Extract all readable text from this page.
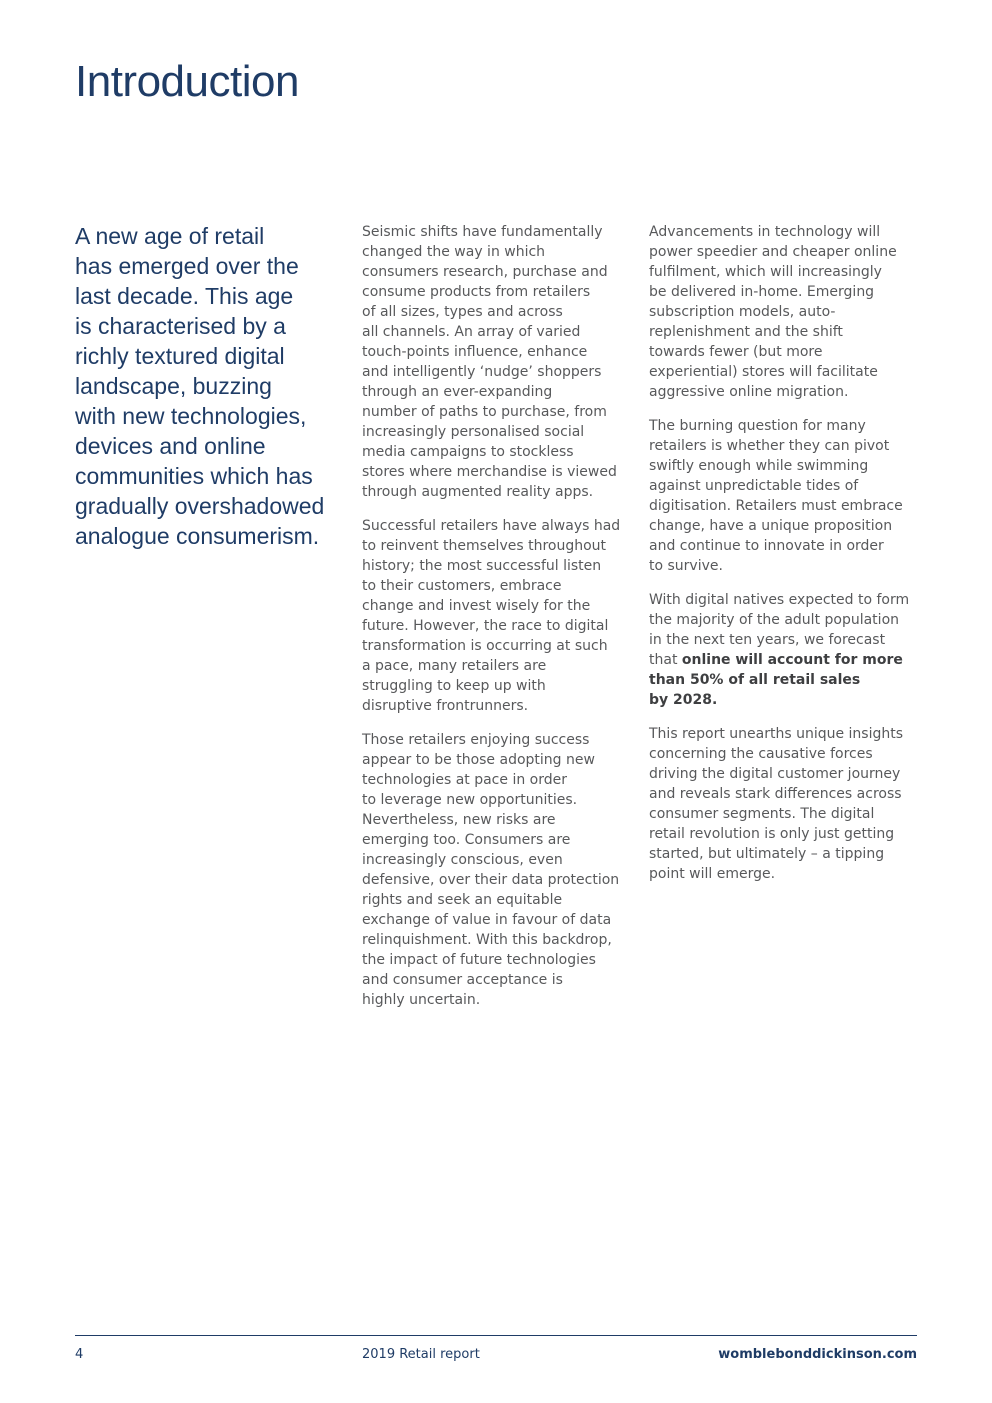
Introduction
A new age of retail
has emerged over the
last decade. This age
is characterised by a
richly textured digital
landscape, buzzing
with new technologies,
devices and online
communities which has
gradually overshadowed
analogue consumerism.

Seismic shifts have fundamentally
changed the way in which
consumers research, purchase and
consume products from retailers
of all sizes, types and across
all channels. An array of varied
touch-points influence, enhance
and intelligently ‘nudge’ shoppers
through an ever-expanding
number of paths to purchase, from
increasingly personalised social
media campaigns to stockless
stores where merchandise is viewed
through augmented reality apps.

Successful retailers have always had
to reinvent themselves throughout
history; the most successful listen
to their customers, embrace
change and invest wisely for the
future. However, the race to digital
transformation is occurring at such
a pace, many retailers are
struggling to keep up with
disruptive frontrunners.

Those retailers enjoying success
appear to be those adopting new
technologies at pace in order
to leverage new opportunities.
Nevertheless, new risks are
emerging too. Consumers are
increasingly conscious, even
defensive, over their data protection
rights and seek an equitable
exchange of value in favour of data
relinquishment. With this backdrop,
the impact of future technologies
and consumer acceptance is
highly uncertain.

Advancements in technology will
power speedier and cheaper online
fulfilment, which will increasingly
be delivered in-home. Emerging
subscription models, auto-
replenishment and the shift
towards fewer (but more
experiential) stores will facilitate
aggressive online migration.

The burning question for many
retailers is whether they can pivot
swiftly enough while swimming
against unpredictable tides of
digitisation. Retailers must embrace
change, have a unique proposition
and continue to innovate in order
to survive.

With digital natives expected to form
the majority of the adult population
in the next ten years, we forecast
that online will account for more
than 50% of all retail sales
by 2028.

This report unearths unique insights
concerning the causative forces
driving the digital customer journey
and reveals stark differences across
consumer segments. The digital
retail revolution is only just getting
started, but ultimately – a tipping
point will emerge.

4	2019 Retail report	womblebonddickinson.com
